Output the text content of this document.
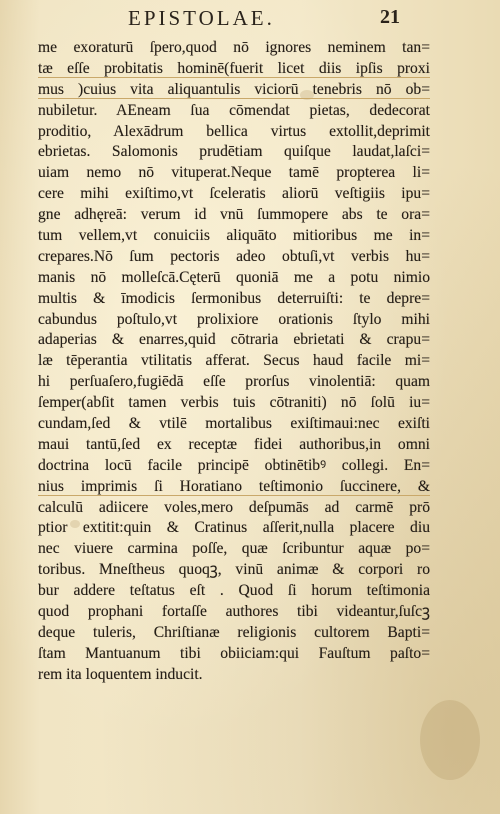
EPISTOLAE.	21
me exoraturū ſpero,quod nō ignores neminem tan=
tæ eſſe probitatis hominē(fuerit licet diis ipſis proxi
mus )cuius vita aliquantulis viciorū tenebris nō ob=
nubiletur. AEneam ſua cōmendat pietas, dedecorat
proditio, Alexādrum bellica virtus extollit,deprimit
ebrietas. Salomonis prudētiam quiſque laudat,laſci=
uiam nemo nō vituperat.Neque tamē propterea li=
cere mihi exiſtimo,vt ſceleratis aliorū veſtigiis ipu=
gne adhęreā: verum id vnū ſummopere abs te ora=
tum vellem,vt conuiciis aliquāto mitioribus me in=
crepares.Nō ſum pectoris adeo obtuſi,vt verbis hu=
manis nō molleſcā.Cęterū quoniā me a potu nimio
multis & īmodicis ſermonibus deterruiſti: te depre=
cabundus poſtulo,vt prolixiore orationis ſtylo mihi
adaperias & enarres,quid cōtraria ebrietati & crapu=
læ tēperantia vtilitatis afferat. Secus haud facile mi=
hi perſuaſero,fugiēdā eſſe prorſus vinolentiā: quam
ſemper(abſit tamen verbis tuis cōtraniti) nō ſolū iu=
cundam,ſed & vtilē mortalibus exiſtimaui:nec exiſti
maui tantū,ſed ex receptæ fidei authoribus,in omni
doctrina locū facile principē obtinētibꝰ collegi. En=
nius imprimis ſi Horatiano teſtimonio ſuccinere, &
calculū adiicere voles,mero deſpumās ad carmē prō
ptior extitit:quin & Cratinus aſſerit,nulla placere diu
nec viuere carmina poſſe, quæ ſcribuntur aquæ po=
toribus. Mneſtheus quoqꝫ, vinū animæ & corpori ro
bur addere teſtatus eſt . Quod ſi horum teſtimonia
quod prophani fortaſſe authores tibi videantur,ſuſcꝫ
deque tuleris, Chriſtianæ religionis cultorem Bapti=
ſtam Mantuanum tibi obiiciam:qui Fauſtum paſto=
rem ita loquentem inducit.
